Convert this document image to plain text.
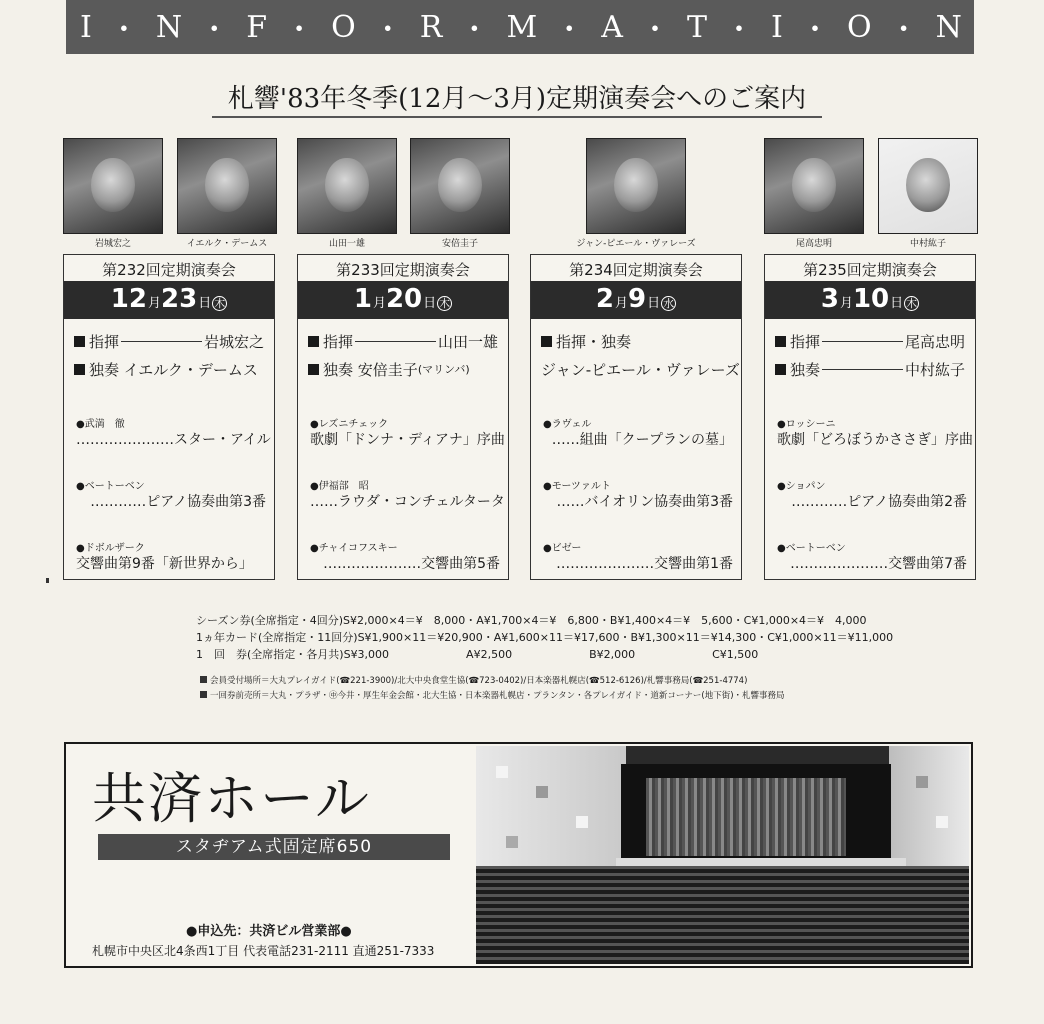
I ・ N ・ F ・ O ・ R ・ M ・ A ・ T ・ I ・ O ・ N
札響'83年冬季(12月〜3月)定期演奏会へのご案内
岩城宏之	イエルク・デームス	山田一雄	安倍圭子	ジャン-ピエール・ヴァレーズ	尾高忠明	中村紘子
第232回定期演奏会
12 月 23 日 木
指揮	岩城宏之
独奏
イエルク・デームス
●武満　徹
…………………スター・アイル
●ベートーベン
…………ピアノ協奏曲第3番
●ドボルザーク
交響曲第9番「新世界から」
第233回定期演奏会
1 月 20 日 木
指揮	山田一雄
独奏
安倍圭子 (マリンバ)
●レズニチェック
歌劇「ドンナ・ディアナ」序曲
●伊福部　昭
……ラウダ・コンチェルタータ
●チャイコフスキー
…………………交響曲第5番
第234回定期演奏会
2 月 9 日 水
指揮・独奏
ジャン-ピエール・ヴァレーズ
●ラヴェル
……組曲「クープランの墓」
●モーツァルト
……バイオリン協奏曲第3番
●ビゼー
…………………交響曲第1番
第235回定期演奏会
3 月 10 日 木
指揮	尾高忠明
独奏	中村紘子
●ロッシーニ
歌劇「どろぼうかささぎ」序曲
●ショパン
…………ピアノ協奏曲第2番
●ベートーベン
…………………交響曲第7番
シーズン券(全席指定・4回分)S¥2,000×4＝¥　8,000・A¥1,700×4＝¥　6,800・B¥1,400×4＝¥　5,600・C¥1,000×4＝¥　4,000
1ヵ年カード(全席指定・11回分)S¥1,900×11＝¥20,900・A¥1,600×11＝¥17,600・B¥1,300×11＝¥14,300・C¥1,000×11＝¥11,000
1　回　券(全席指定・各月共)S¥3,000　　　　　　　A¥2,500　　　　　　　B¥2,000　　　　　　　C¥1,500
会員受付場所＝大丸プレイガイド(☎221-3900)/北大中央食堂生協(☎723-0402)/日本楽器札幌店(☎512-6126)/札響事務局(☎251-4774)
一回券前売所＝大丸・プラザ・㊥今井・厚生年金会館・北大生協・日本楽器札幌店・プランタン・各プレイガイド・道新コーナー(地下街)・札響事務局
共済ホール
スタヂアム式固定席650
●申込先：共済ビル営業部●
札幌市中央区北4条西1丁目 代表電話231-2111 直通251-7333
